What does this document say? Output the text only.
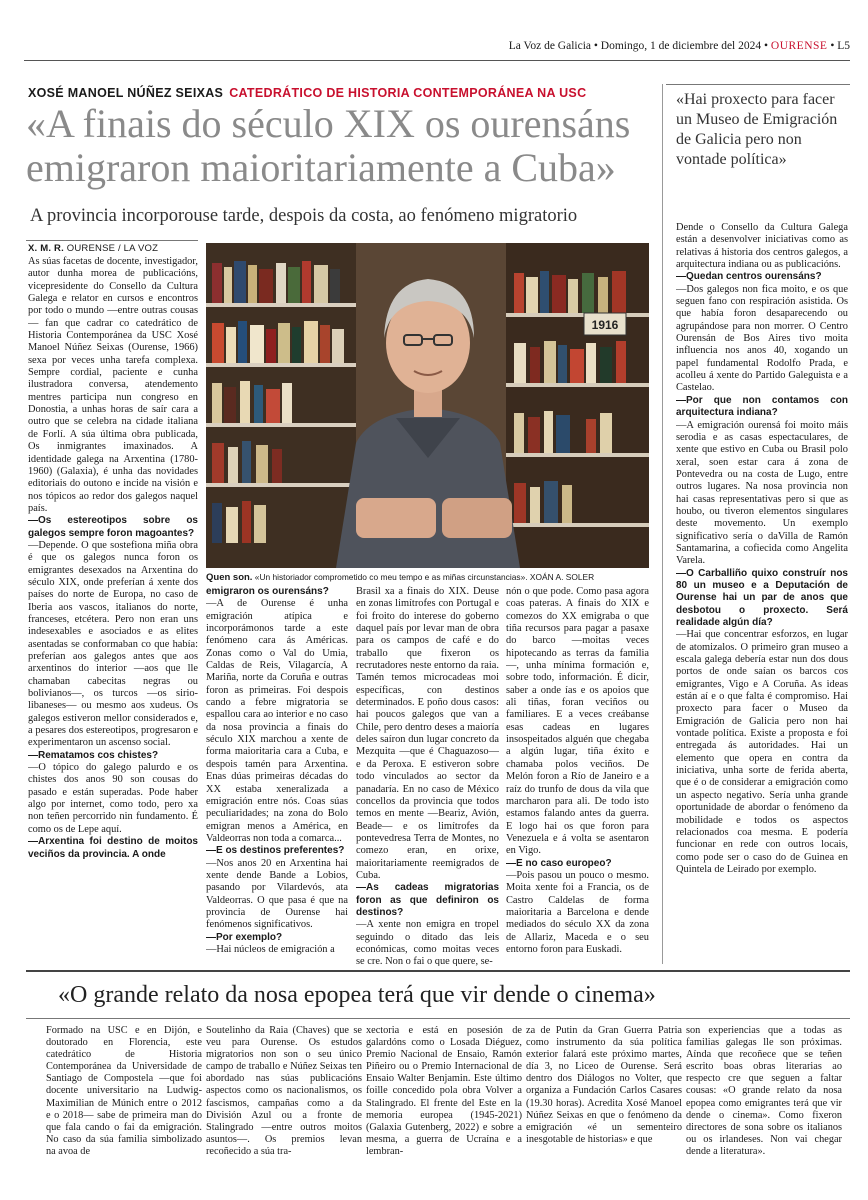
La Voz de Galicia • Domingo, 1 de diciembre del 2024 • OURENSE • L5
XOSÉ MANOEL NÚÑEZ SEIXAS CATEDRÁTICO DE HISTORIA CONTEMPORÁNEA NA USC
«A finais do século XIX os ourensáns
emigraron maioritariamente a Cuba»
A provincia incorporouse tarde, despois da costa, ao fenómeno migratorio
«Hai proxecto para facer un Museo de Emigración de Galicia pero non vontade política»
X. M. R. OURENSE / LA VOZ
1916
Quen son. «Un historiador comprometido co meu tempo e as miñas circunstancias». XOÁN A. SOLER

As súas facetas de docente, investigador, autor dunha morea de publicacións, vicepresidente do Consello da Cultura Galega e relator en cursos e encontros por todo o mundo —entre outras cousas— fan que cadrar co catedrático de Historia Contemporánea da USC Xosé Manoel Núñez Seixas (Ourense, 1966) sexa por veces unha tarefa complexa. Sempre cordial, paciente e cunha ilustradora conversa, atendemento mentres participa nun congreso en Donostia, a unhas horas de saír cara a outro que se celebra na cidade italiana de Forlí. A súa última obra publicada, Os inmigrantes imaxinados. A identidade galega na Arxentina (1780-1960) (Galaxia), é unha das novidades editoriais do outono e incide na visión e nos tópicos ao redor dos galegos naquel país.

—Os estereotipos sobre os galegos sempre foron magoantes?

—Depende. O que sostefiona miña obra é que os galegos nunca foron os emigrantes desexados na Arxentina do século XIX, onde preferían á xente dos países do norte de Europa, no caso de Iberia aos vascos, italianos do norte, franceses, etcétera. Pero non eran uns indesexables e asociados e as elites asentadas se conformaban co que había: preferían aos galegos antes que aos arxentinos do interior —aos que lle chamaban cabecitas negras ou bolivianos—, os turcos —os sirio-libaneses— ou mesmo aos xudeus. Os galegos estiveron mellor considerados e, a pesares dos estereotipos, progresaron e experimentaron un ascenso social.

—Rematamos cos chistes?

—O tópico do galego palurdo e os chistes dos anos 90 son cousas do pasado e están superadas. Pode haber algo por internet, como todo, pero xa non teñen percorrido nin fundamento. É como os de Lepe aquí.

—Arxentina foi destino de moitos veciños da provincia. A onde

emigraron os ourensáns?

—A de Ourense é unha emigración atípica e incorporámonos tarde a este fenómeno cara ás Américas. Zonas como o Val do Umia, Caldas de Reis, Vilagarcía, A Mariña, norte da Coruña e outras foron as primeiras. Foi despois cando a febre migratoria se espallou cara ao interior e no caso da nosa provincia a finais do século XIX marchou a xente de forma maioritaria cara a Cuba, e despois tamén para Arxentina. Enas dúas primeiras décadas do XX estaba xeneralizada a emigración entre nós. Coas súas peculiaridades; na zona do Bolo emigran menos a América, en Valdeorras non toda a comarca...

—E os destinos preferentes?

—Nos anos 20 en Arxentina hai xente dende Bande a Lobios, pasando por Vilardevós, ata Valdeorras. O que pasa é que na provincia de Ourense hai fenómenos significativos.

—Por exemplo?

—Hai núcleos de emigración a

Brasil xa a finais do XIX. Deuse en zonas limítrofes con Portugal e foi froito do interese do goberno daquel país por levar man de obra para os campos de café e do traballo que fixeron os recrutadores neste entorno da raia. Tamén temos microcadeas moi específicas, con destinos determinados. E poño dous casos: hai poucos galegos que van a Chile, pero dentro deses a maioría deles saíron dun lugar concreto da Mezquita —que é Chaguazoso— e da Peroxa. E estiveron sobre todo vinculados ao sector da panadaría. En no caso de México concellos da provincia que todos temos en mente —Beariz, Avión, Beade— e os limítrofes da pontevedresa Terra de Montes, no comezo eran, en orixe, maioritariamente reemigrados de Cuba.

—As cadeas migratorias foron as que definiron os destinos?

—A xente non emigra en tropel seguindo o ditado das leis económicas, como moitas veces se cre. Non o fai o que quere, se-

nón o que pode. Como pasa agora coas pateras. A finais do XIX e comezos do XX emigraba o que tiña recursos para pagar a pasaxe do barco —moitas veces hipotecando as terras da familia—, unha mínima formación e, sobre todo, información. É dicir, saber a onde ías e os apoios que ali tiñas, foran veciños ou familiares. E a veces creábanse esas cadeas en lugares insospeitados alguén que chegaba a algún lugar, tiña éxito e chamaba polos veciños. De Melón foron a Río de Janeiro e a raíz do trunfo de dous da vila que marcharon para ali. De todo isto estamos falando antes da guerra. E logo hai os que foron para Venezuela e á volta se asentaron en Vigo.

—E no caso europeo?

—Pois pasou un pouco o mesmo. Moita xente foi a Francia, os de Castro Caldelas de forma maioritaria a Barcelona e dende mediados do século XX da zona de Allariz, Maceda e o seu entorno foron para Euskadi.

Dende o Consello da Cultura Galega están a desenvolver iniciativas como as relativas á historia dos centros galegos, a arquitectura indiana ou as publicacións.

—Quedan centros ourensáns?

—Dos galegos non fica moito, e os que seguen fano con respiración asistida. Os que había foron desaparecendo ou agrupándose para non morrer. O Centro Ourensán de Bos Aires tivo moita influencia nos anos 40, xogando un papel fundamental Rodolfo Prada, e acolleu á xente do Partido Galeguista e a Castelao.

—Por que non contamos con arquitectura indiana?

—A emigración ourensá foi moito máis serodia e as casas espectaculares, de xente que estivo en Cuba ou Brasil polo xeral, soen estar cara á zona de Pontevedra ou na costa de Lugo, entre outros lugares. Na nosa provincia non hai casas representativas pero si que as houbo, ou tiveron elementos singulares deste movemento. Un exemplo significativo sería o daVilla de Ramón Santamarina, a cofiecida como Angelita Varela.

—O Carballiño quixo construír nos 80 un museo e a Deputación de Ourense hai un par de anos que desbotou o proxecto. Será realidade algún día?

—Hai que concentrar esforzos, en lugar de atomizalos. O primeiro gran museo a escala galega debería estar nun dos dous portos de onde saían os barcos cos emigrantes, Vigo e A Coruña. As ideas están aí e o que falta é compromiso. Hai proxecto para facer o Museo da Emigración de Galicia pero non hai vontade política. Existe a proposta e foi entregada ás autoridades. Hai un elemento que opera en contra da iniciativa, unha sorte de ferida aberta, que é o de considerar a emigración como un aspecto negativo. Sería unha grande oportunidade de abordar o fenómeno da mobilidade e todos os aspectos relacionados coa mesma. E podería funcionar en rede con outros locais, como pode ser o caso do de Guinea en Quintela de Leirado por exemplo.

«O grande relato da nosa epopea terá que vir dende o cinema»
Formado na USC e en Dijón, e doutorado en Florencia, este catedrático de Historia Contemporánea da Universidade de Santiago de Compostela —que foi docente universitario na Ludwig-Maximilian de Múnich entre o 2012 e o 2018— sabe de primeira man do que fala cando o fai da emigración. No caso da súa familia simbolizado na avoa de
Soutelinho da Raia (Chaves) que se veu para Ourense. Os estudos migratorios non son o seu único campo de traballo e Núñez Seixas ten abordado nas súas publicacións aspectos como os nacionalismos, os fascismos, campañas como a da División Azul ou a fronte de Stalingrado —entre outros moitos asuntos—. Os premios levan recoñecido a súa tra-
xectoria e está en posesión de galardóns como o Losada Diéguez, Premio Nacional de Ensaio, Ramón Piñeiro ou o Premio Internacional de Ensaio Walter Benjamin. Este último foille concedido pola obra Volver a Stalingrado. El frente del Este en la memoria europea (1945-2021) (Galaxia Gutenberg, 2022) e sobre a mesma, a guerra de Ucraína e a lembran-
za de Putin da Gran Guerra Patria como instrumento da súa política exterior falará este próximo martes, día 3, no Liceo de Ourense. Será dentro dos Diálogos no Volter, que organiza a Fundación Carlos Casares (19.30 horas). Acredita Xosé Manoel Núñez Seixas en que o fenómeno da emigración «é un sementeiro inesgotable de historias» e que
son experiencias que a todas as familias galegas lle son próximas. Aínda que recoñece que se teñen escrito boas obras literarias ao respecto cre que seguen a faltar cousas: «O grande relato da nosa epopea como emigrantes terá que vir dende o cinema». Como fixeron directores de sona sobre os italianos ou os irlandeses. Non vai chegar dende a literatura».
